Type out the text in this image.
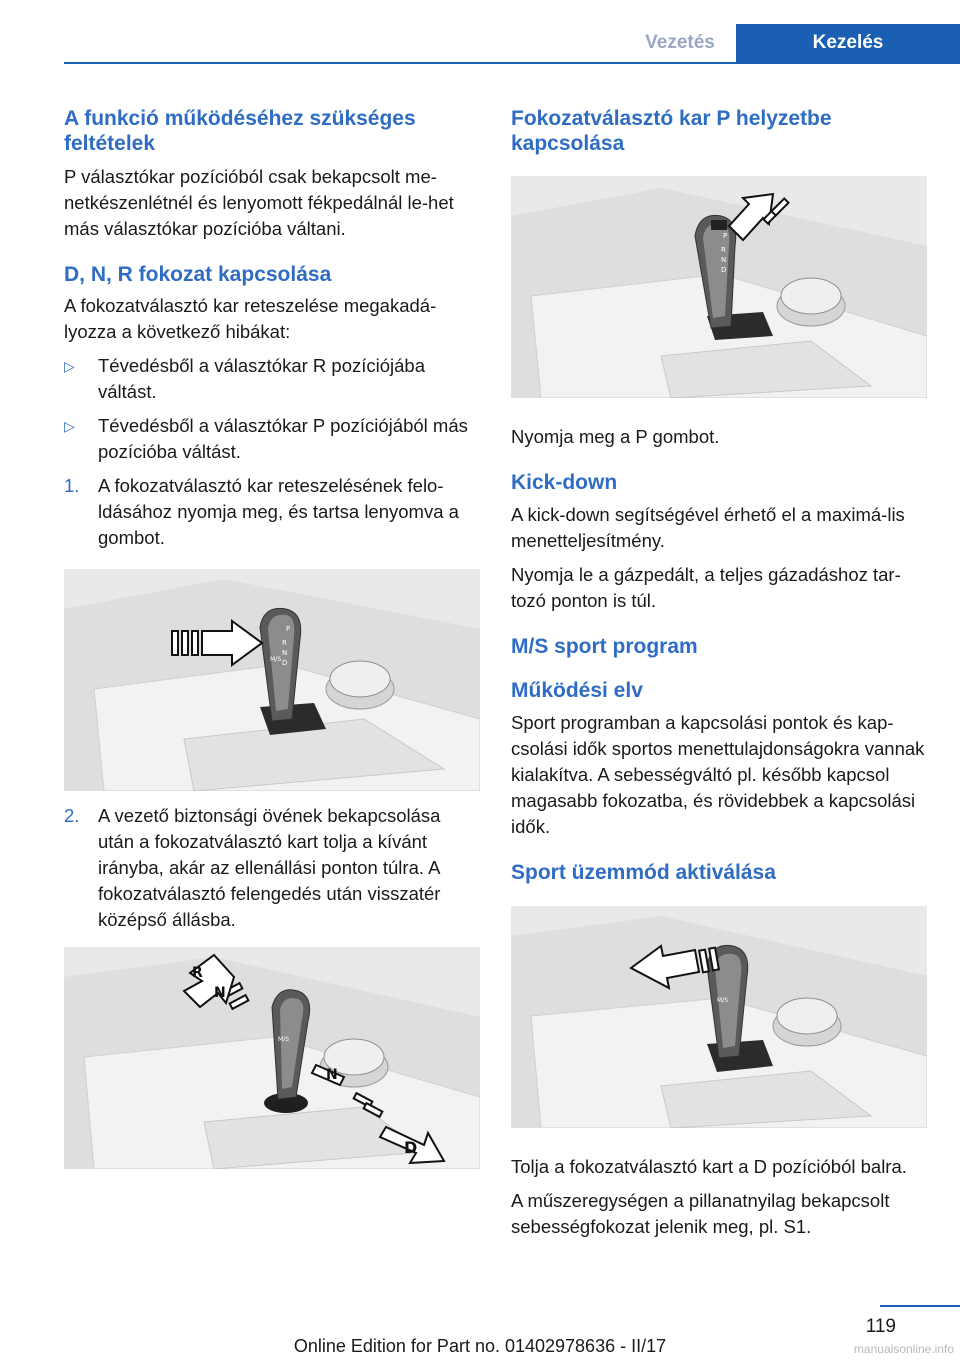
Vezetés	Kezelés
A funkció működéséhez szükséges feltételek

P választókar pozícióból csak bekapcsolt me-netkészenlétnél és lenyomott fékpedálnál le-het más választókar pozícióba váltani.

D, N, R fokozat kapcsolása

A fokozatválasztó kar reteszelése megakadá-lyozza a következő hibákat:

▷	Tévedésből a választókar R pozíciójába váltást.
▷	Tévedésből a választókar P pozíciójából más pozícióba váltást.
1.	A fokozatválasztó kar reteszelésének felo-ldásához nyomja meg, és tartsa lenyomva a gombot.
P
R
N
D
M/S
2.	A vezető biztonsági övének bekapcsolása után a fokozatválasztó kart tolja a kívánt irányba, akár az ellenállási ponton túlra. A fokozatválasztó felengedés után visszatér középső állásba.
M/S
R
N
N
D
Fokozatválasztó kar P helyzetbe kapcsolása
P
R
N
D

Nyomja meg a P gombot.

Kick-down

A kick-down segítségével érhető el a maximá-lis menetteljesítmény.

Nyomja le a gázpedált, a teljes gázadáshoz tar-tozó ponton is túl.

M/S sport program
Működési elv

Sport programban a kapcsolási pontok és kap-csolási idők sportos menettulajdonságokra vannak kialakítva. A sebességváltó pl. később kapcsol magasabb fokozatba, és rövidebbek a kapcsolási idők.

Sport üzemmód aktiválása
M/S

Tolja a fokozatválasztó kart a D pozícióból balra.

A műszeregységen a pillanatnyilag bekapcsolt sebességfokozat jelenik meg, pl. S1.

119
Online Edition for Part no. 01402978636 - II/17	manualsonline.info
